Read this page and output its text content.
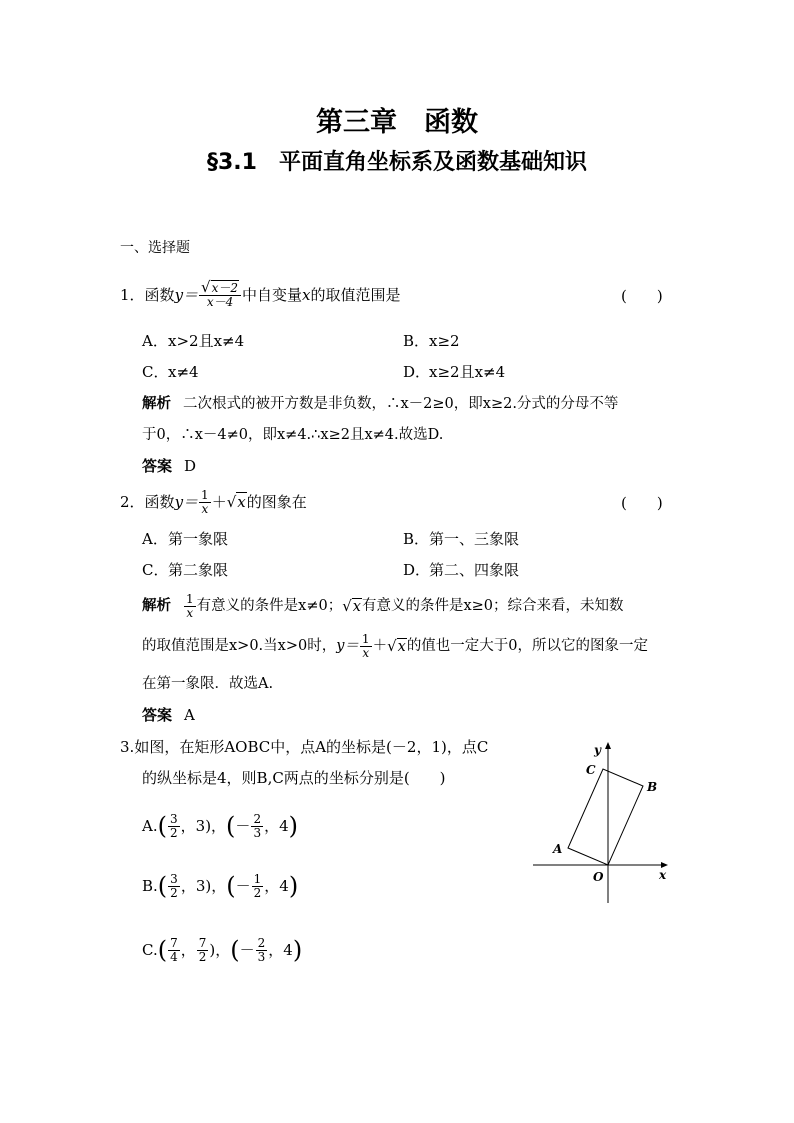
第三章　函数
§3.1　平面直角坐标系及函数基础知识
一、选择题
1． 函数 $y= \frac{√x-2}{x-4}$ 中自变量 x 的取值范围是	(　　)
A．x>2且x≠4	B．x≥2
C．x≠4	D．x≥2且x≠4
解析 二次根式的被开方数是非负数，∴x－2≥0，即x≥2.分式的分母不等
于0，∴x－4≠0，即x≠4.∴x≥2且x≠4.故选D.
答案 D
2． 函数 $y= \frac{1}{x} + √x$ 的图象在	(　　)
A．第一象限	B．第一、三象限
C．第二象限	D．第二、四象限
解析 $\frac{1}{x}$ 有意义的条件是x≠0； √x 有意义的条件是x≥0；综合来看，未知数
的取值范围是x>0.当x>0时， $y= \frac{1}{x} + √x$ 的值也一定大于0，所以它的图象一定
在第一象限．故选A.
答案 A
3.如图，在矩形AOBC中，点A的坐标是(－2，1)，点C
的纵坐标是4，则B,C两点的坐标分别是(　　)
A. ( $\frac{3}{2}$ ， 3 )， ( － $\frac{2}{3}$ ， 4 )
B. ( $\frac{3}{2}$ ， 3 )， ( － $\frac{1}{2}$ ， 4 )
C. ( $\frac{7}{4}$ ， $\frac{7}{2}$ )， ( － $\frac{2}{3}$ ， 4 )
y
x
O
A
B
C
